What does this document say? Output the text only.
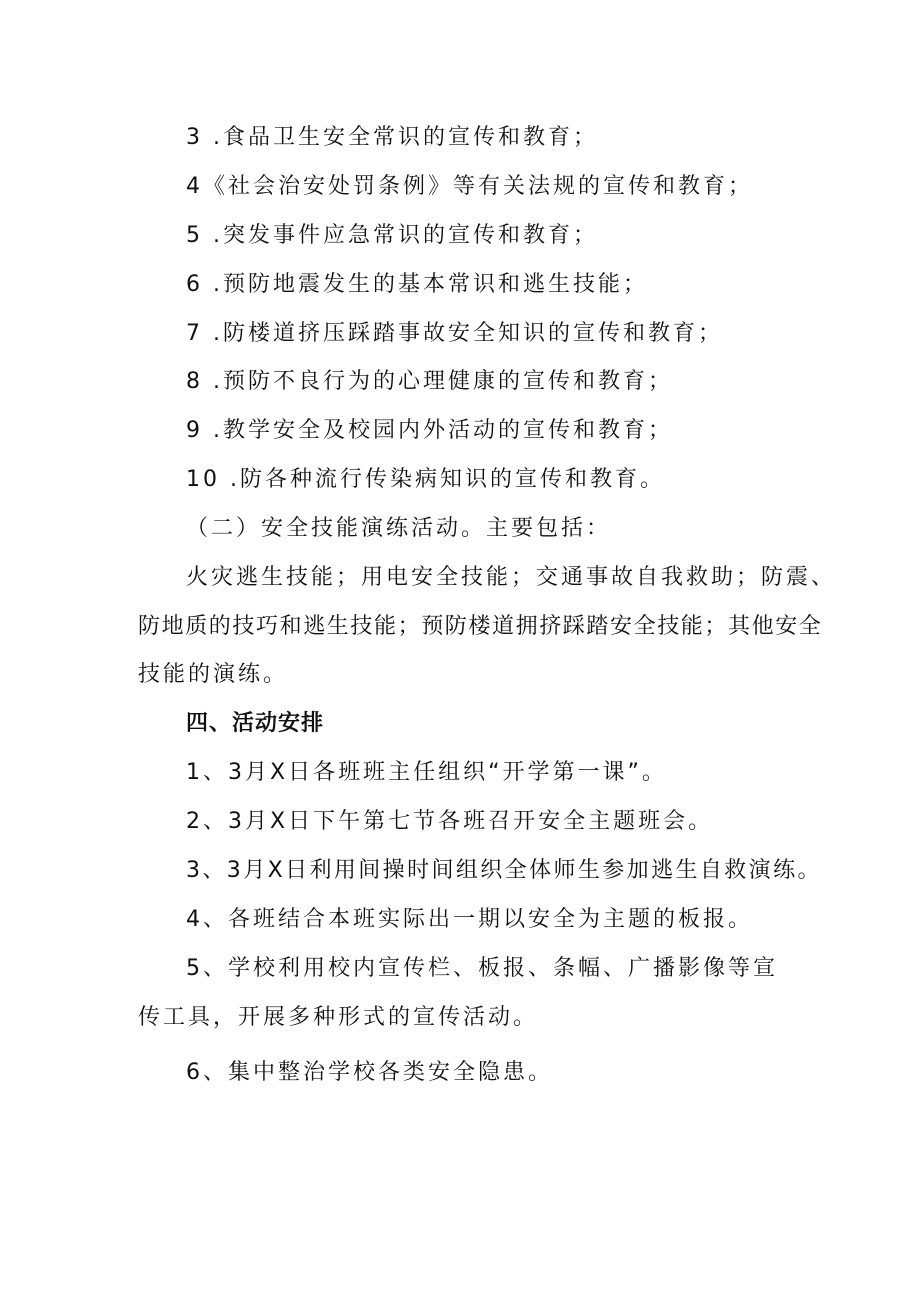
3 .食品卫生安全常识的宣传和教育；
4《社会治安处罚条例》等有关法规的宣传和教育；
5 .突发事件应急常识的宣传和教育；
6 .预防地震发生的基本常识和逃生技能；
7 .防楼道挤压踩踏事故安全知识的宣传和教育；
8 .预防不良行为的心理健康的宣传和教育；
9 .教学安全及校园内外活动的宣传和教育；
10 .防各种流行传染病知识的宣传和教育。
（二）安全技能演练活动。主要包括：
火灾逃生技能；用电安全技能；交通事故自我救助；防震、
防地质的技巧和逃生技能；预防楼道拥挤踩踏安全技能；其他安全
技能的演练。
四、活动安排
1、3月X日各班班主任组织“开学第一课”。
2、3月X日下午第七节各班召开安全主题班会。
3、3月X日利用间操时间组织全体师生参加逃生自救演练。
4、各班结合本班实际出一期以安全为主题的板报。
5、学校利用校内宣传栏、板报、条幅、广播影像等宣
传工具，开展多种形式的宣传活动。
6、集中整治学校各类安全隐患。
